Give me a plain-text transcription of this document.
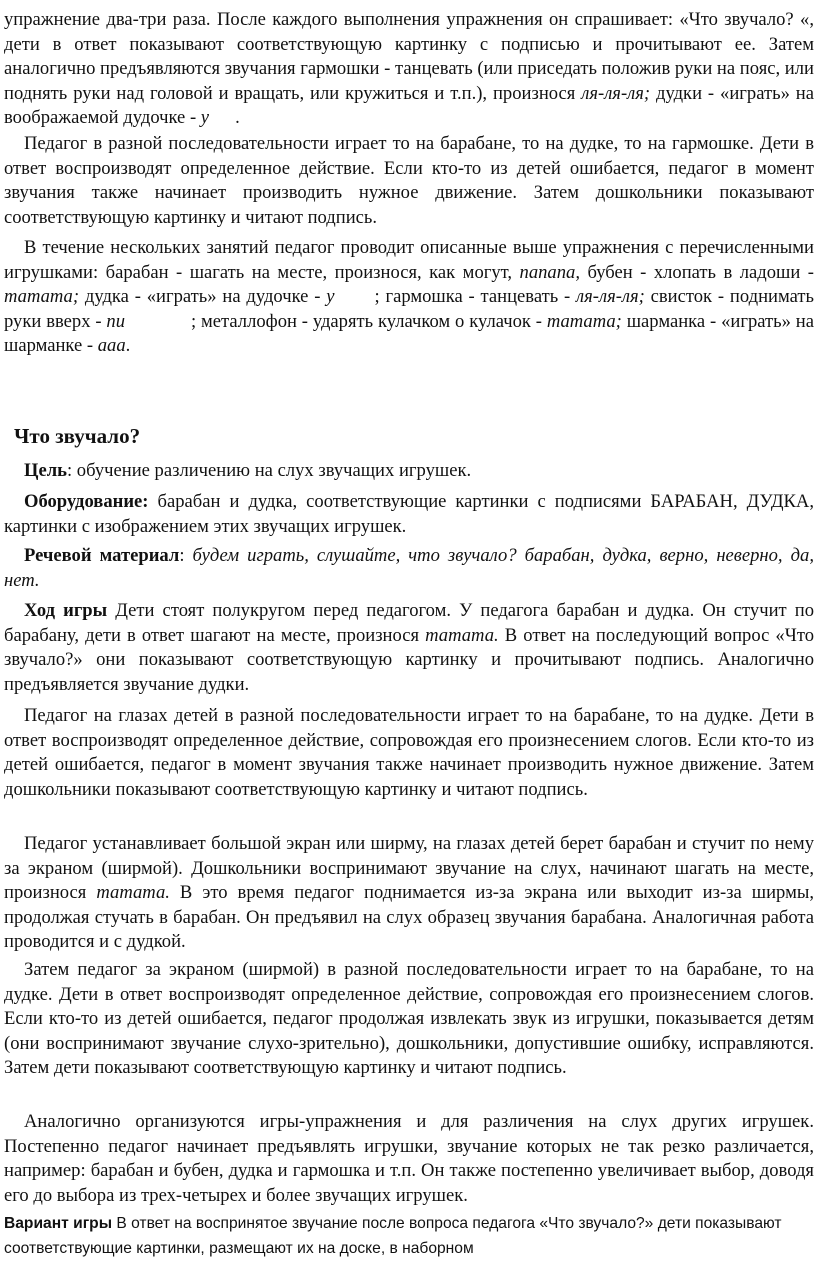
упражнение два-три раза. После каждого выполнения упражнения он спрашивает: «Что звучало? «, дети в ответ показывают соответствующую картинку с подписью и прочитывают ее. Затем аналогично предъявляются звучания гармошки - танцевать (или приседать положив руки на пояс, или поднять руки над головой и вращать, или кружиться и т.п.), произнося ля-ля-ля; дудки - «играть» на воображаемой дудочке - у .

Педагог в разной последовательности играет то на барабане, то на дудке, то на гармошке. Дети в ответ воспроизводят определенное действие. Если кто-то из детей ошибается, педагог в момент звучания также начинает производить нужное движение. Затем дошкольники показывают соответствующую картинку и читают подпись.

В течение нескольких занятий педагог проводит описанные выше упражнения с перечисленными игрушками: барабан - шагать на месте, произнося, как могут, папапа, бубен - хлопать в ладоши - татата; дудка - «играть» на дудочке - у ; гармошка - танцевать - ля-ля-ля; свисток - поднимать руки вверх - пи	; металлофон - ударять кулачком о кулачок - татата; шарманка - «играть» на шарманке - ааа.

Что звучало?

Цель: обучение различению на слух звучащих игрушек.

Оборудование: барабан и дудка, соответствующие картинки с подписями БАРАБАН, ДУДКА, картинки с изображением этих звучащих игрушек.

Речевой материал: будем играть, слушайте, что звучало? барабан, дудка, верно, неверно, да, нет.

Ход игры Дети стоят полукругом перед педагогом. У педагога барабан и дудка. Он стучит по барабану, дети в ответ шагают на месте, произнося татата. В ответ на последующий вопрос «Что звучало?» они показывают соответствующую картинку и прочитывают подпись. Аналогично предъявляется звучание дудки.

Педагог на глазах детей в разной последовательности играет то на барабане, то на дудке. Дети в ответ воспроизводят определенное действие, сопровождая его произнесением слогов. Если кто-то из детей ошибается, педагог в момент звучания также начинает производить нужное движение. Затем дошкольники показывают соответствующую картинку и читают подпись.

Педагог устанавливает большой экран или ширму, на глазах детей берет барабан и стучит по нему за экраном (ширмой). Дошкольники воспринимают звучание на слух, начинают шагать на месте, произнося татата. В это время педагог поднимается из-за экрана или выходит из-за ширмы, продолжая стучать в барабан. Он предъявил на слух образец звучания барабана. Аналогичная работа проводится и с дудкой.

Затем педагог за экраном (ширмой) в разной последовательности играет то на барабане, то на дудке. Дети в ответ воспроизводят определенное действие, сопровождая его произнесением слогов. Если кто-то из детей ошибается, педагог продолжая извлекать звук из игрушки, показывается детям (они воспринимают звучание слухо-зрительно), дошкольники, допустившие ошибку, исправляются. Затем дети показывают соответствующую картинку и читают подпись.

Аналогично организуются игры-упражнения и для различения на слух других игрушек. Постепенно педагог начинает предъявлять игрушки, звучание которых не так резко различается, например: барабан и бубен, дудка и гармошка и т.п. Он также постепенно увеличивает выбор, доводя его до выбора из трех-четырех и более звучащих игрушек.

Вариант игры В ответ на воспринятое звучание после вопроса педагога «Что звучало?» дети показывают соответствующие картинки, размещают их на доске, в наборном
